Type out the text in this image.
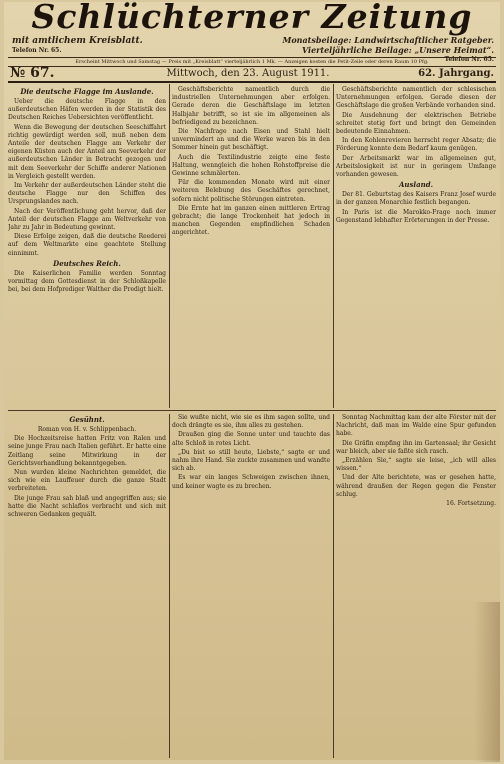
Schlüchterner Zeitung
mit amtlichem Kreisblatt.
Telefon Nr. 65.
Monatsbeilage: Landwirtschaftlicher Ratgeber.
Vierteljährliche Beilage: „Unsere Heimat“.
Telefon Nr. 65.
Erscheint Mittwoch und Samstag — Preis mit „Kreisblatt“ vierteljährlich 1 Mk. — Anzeigen kosten die Petit-Zeile oder deren Raum 10 Pfg.
№ 67.	Mittwoch, den 23. August 1911.	62. Jahrgang.
Die deutsche Flagge im Auslande.

Ueber die deutsche Flagge in den außerdeutschen Häfen werden in der Statistik des Deutschen Reiches Uebersichten veröffentlicht.

Wenn die Bewegung der deutschen Seeschiffahrt richtig gewürdigt werden soll, muß neben dem Anteile der deutschen Flagge am Verkehr der eigenen Küsten auch der Anteil am Seeverkehr der außerdeutschen Länder in Betracht gezogen und mit dem Seeverkehr der Schiffe anderer Nationen in Vergleich gestellt werden.

Im Verkehr der außerdeutschen Länder steht die deutsche Flagge nur den Schiffen des Ursprungslandes nach.

Nach der Veröffentlichung geht hervor, daß der Anteil der deutschen Flagge am Weltverkehr von Jahr zu Jahr in Bedeutung gewinnt.

Diese Erfolge zeigen, daß die deutsche Reederei auf dem Weltmarkte eine geachtete Stellung einnimmt.

Deutsches Reich.

Die Kaiserlichen Familie werden Sonntag vormittag dem Gottesdienst in der Schloßkapelle bei, bei dem Hofprediger Walther die Predigt hielt.

Geschäftsberichte namentlich durch die industriellen Unternehmungen aber erfolgen. Gerade deren die Geschäftslage im letzten Halbjahr betrifft, so ist sie im allgemeinen als befriedigend zu bezeichnen.

Die Nachfrage nach Eisen und Stahl hielt unvermindert an und die Werke waren bis in den Sommer hinein gut beschäftigt.

Auch die Textilindustrie zeigte eine feste Haltung, wenngleich die hohen Rohstoffpreise die Gewinne schmälerten.

Für die kommenden Monate wird mit einer weiteren Belebung des Geschäftes gerechnet, sofern nicht politische Störungen eintreten.

Die Ernte hat im ganzen einen mittleren Ertrag gebracht; die lange Trockenheit hat jedoch in manchen Gegenden empfindlichen Schaden angerichtet.

Geschäftsberichte namentlich der schlesischen Unternehmungen erfolgen. Gerade diesen der Geschäftslage die großen Verbände vorhanden sind.

Die Ausdehnung der elektrischen Betriebe schreitet stetig fort und bringt den Gemeinden bedeutende Einnahmen.

In den Kohlenrevieren herrscht reger Absatz; die Förderung konnte dem Bedarf kaum genügen.

Der Arbeitsmarkt war im allgemeinen gut, Arbeitslosigkeit ist nur in geringem Umfange vorhanden gewesen.

Ausland.

Der 81. Geburtstag des Kaisers Franz Josef wurde in der ganzen Monarchie festlich begangen.

In Paris ist die Marokko-Frage noch immer Gegenstand lebhafter Erörterungen in der Presse.

Gesühnt.

Roman von H. v. Schlippenbach.

Die Hochzeitsreise hatten Fritz von Ralen und seine junge Frau nach Italien geführt. Er hatte eine Zeitlang seine Mitwirkung in der Gerichtsverhandlung bekanntgegeben.

Nun wurden kleine Nachrichten gemeldet, die sich wie ein Lauffeuer durch die ganze Stadt verbreiteten.

Die junge Frau sah blaß und angegriffen aus; sie hatte die Nacht schlaflos verbracht und sich mit schweren Gedanken gequält.

Sie wußte nicht, wie sie es ihm sagen sollte, und doch drängte es sie, ihm alles zu gestehen.

Draußen ging die Sonne unter und tauchte das alte Schloß in rotes Licht.

„Du bist so still heute, Liebste,“ sagte er und nahm ihre Hand. Sie zuckte zusammen und wandte sich ab.

Es war ein langes Schweigen zwischen ihnen, und keiner wagte es zu brechen.

Sonntag Nachmittag kam der alte Förster mit der Nachricht, daß man im Walde eine Spur gefunden habe.

Die Gräfin empfing ihn im Gartensaal; ihr Gesicht war bleich, aber sie faßte sich rasch.

„Erzählen Sie,“ sagte sie leise, „ich will alles wissen.“

Und der Alte berichtete, was er gesehen hatte, während draußen der Regen gegen die Fenster schlug.

16. Fortsetzung.
